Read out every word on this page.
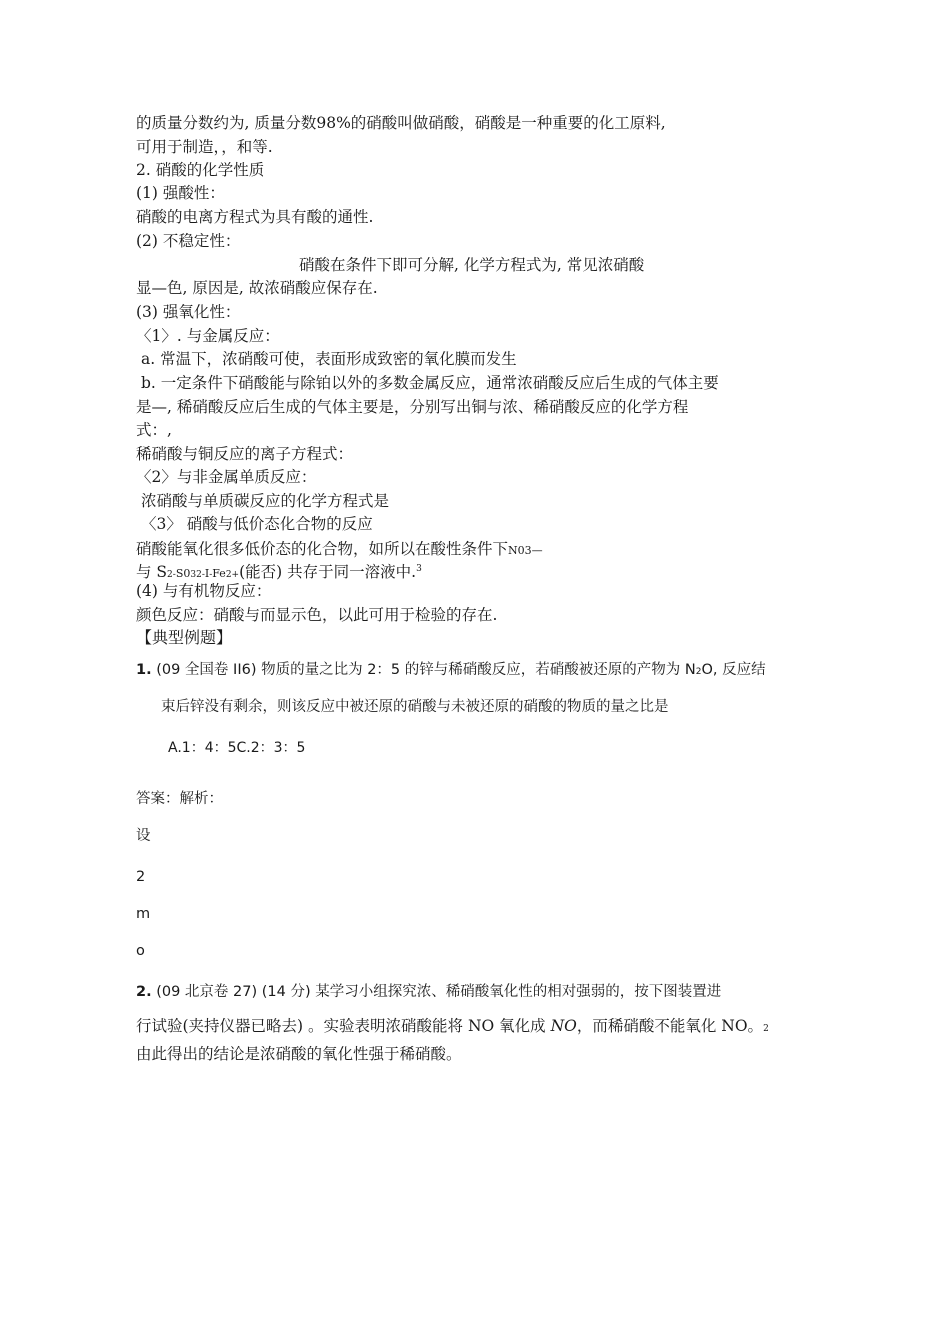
的质量分数约为, 质量分数98%的硝酸叫做硝酸，硝酸是一种重要的化工原料,
可用于制造，，和等.
2. 硝酸的化学性质
(1) 强酸性：
硝酸的电离方程式为具有酸的通性.
(2) 不稳定性：
硝酸在条件下即可分解, 化学方程式为, 常见浓硝酸
显—色, 原因是, 故浓硝酸应保存在.
(3) 强氧化性：
〈1〉. 与金属反应：
a. 常温下，浓硝酸可使，表面形成致密的氧化膜而发生
b. 一定条件下硝酸能与除铂以外的多数金属反应，通常浓硝酸反应后生成的气体主要
是—, 稀硝酸反应后生成的气体主要是，分别写出铜与浓、稀硝酸反应的化学方程
式：,
稀硝酸与铜反应的离子方程式：
〈2〉与非金属单质反应：
浓硝酸与单质碳反应的化学方程式是
〈3〉 硝酸与低价态化合物的反应
硝酸能氧化很多低价态的化合物，如所以在酸性条件下N03—
与 S2-S032-I-Fe2+(能否) 共存于同一溶液中.$^3$
(4) 与有机物反应：
颜色反应：硝酸与而显示色，以此可用于检验的存在.
【典型例题】
1. (09 全国卷 II6) 物质的量之比为 2：5 的锌与稀硝酸反应，若硝酸被还原的产物为 N2O, 反应结
束后锌没有剩余，则该反应中被还原的硝酸与未被还原的硝酸的物质的量之比是
A.1：4：5C.2：3：5
答案：解析：
设
2
m
o
2. (09 北京卷 27) (14 分) 某学习小组探究浓、稀硝酸氧化性的相对强弱的，按下图装置进
行试验(夹持仪器已略去) 。实验表明浓硝酸能将 NO 氧化成 NO，而稀硝酸不能氧化 NO。2
由此得出的结论是浓硝酸的氧化性强于稀硝酸。
